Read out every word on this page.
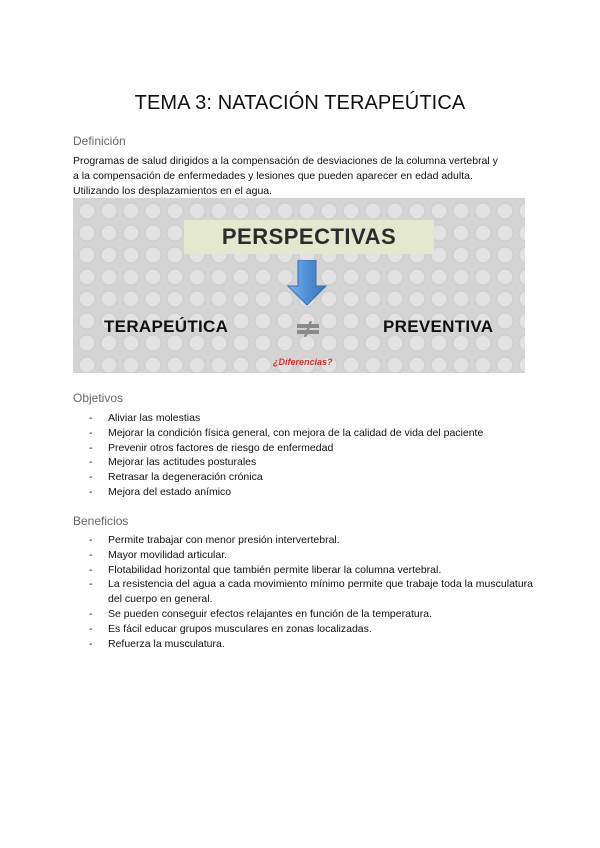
TEMA 3: NATACIÓN TERAPEÚTICA
Definición
Programas de salud dirigidos a la compensación de desviaciones de la columna vertebral y
a la compensación de enfermedades y lesiones que pueden aparecer en edad adulta.
Utilizando los desplazamientos en el agua.
PERSPECTIVAS
TERAPEÚTICA	PREVENTIVA
¿Diferencias?
Objetivos
- Aliviar las molestias
- Mejorar la condición física general, con mejora de la calidad de vida del paciente
- Prevenir otros factores de riesgo de enfermedad
- Mejorar las actitudes posturales
- Retrasar la degeneración crónica
- Mejora del estado anímico
Beneficios
- Permite trabajar con menor presión intervertebral.
- Mayor movilidad articular.
- Flotabilidad horizontal que también permite liberar la columna vertebral.
- La resistencia del agua a cada movimiento mínimo permite que trabaje toda la musculatura del cuerpo en general.
- Se pueden conseguir efectos relajantes en función de la temperatura.
- Es fácil educar grupos musculares en zonas localizadas.
- Refuerza la musculatura.
